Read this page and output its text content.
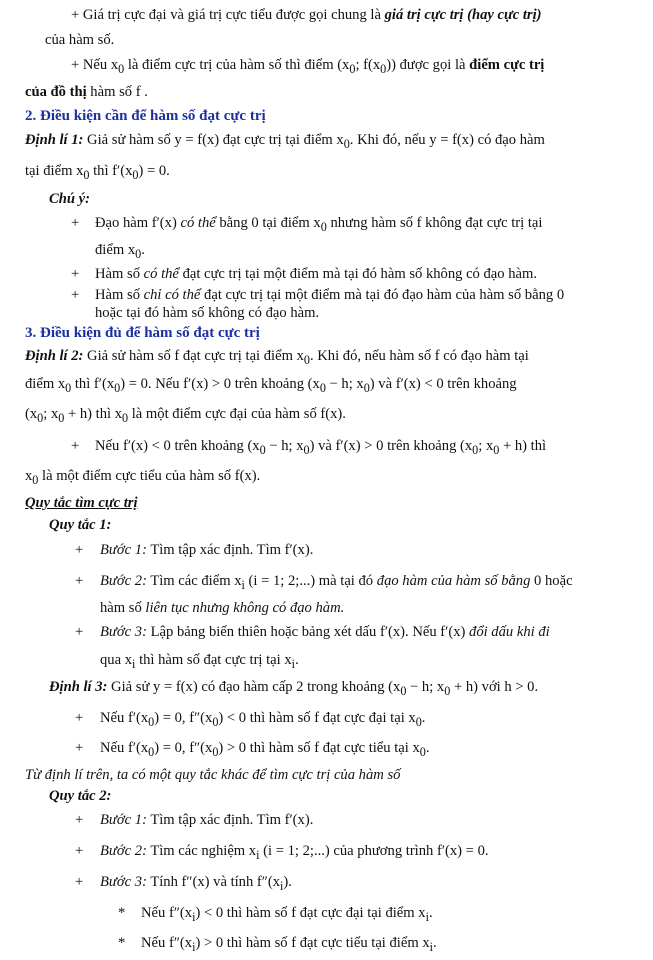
+ Giá trị cực đại và giá trị cực tiểu được gọi chung là giá trị cực trị (hay cực trị)
của hàm số.
+ Nếu $x_0$ là điểm cực trị của hàm số thì điểm ($x_0$; $f(x_0)$) được gọi là điểm cực trị
của đồ thị hàm số f .
2. Điều kiện cần để hàm số đạt cực trị
Định lí 1: Giả sử hàm số y = f(x) đạt cực trị tại điểm $x_0$. Khi đó, nếu y = f(x) có đạo hàm
tại điểm $x_0$ thì $f'(x_0) = 0$.
Chú ý:
+ Đạo hàm f′(x) có thể bằng 0 tại điểm $x_0$ nhưng hàm số f không đạt cực trị tại
điểm $x_0$.
+ Hàm số có thể đạt cực trị tại một điểm mà tại đó hàm số không có đạo hàm.
+ Hàm số chỉ có thể đạt cực trị tại một điểm mà tại đó đạo hàm của hàm số bằng 0
hoặc tại đó hàm số không có đạo hàm.
3. Điều kiện đủ để hàm số đạt cực trị
Định lí 2: Giả sử hàm số f đạt cực trị tại điểm $x_0$. Khi đó, nếu hàm số f có đạo hàm tại
điểm $x_0$ thì $f'(x_0) = 0$. Nếu f′(x) > 0 trên khoảng ($x_0 - h$; $x_0$) và f′(x) < 0 trên khoảng
($x_0$; $x_0 + h$) thì $x_0$ là một điểm cực đại của hàm số f(x).
+ Nếu f′(x) < 0 trên khoảng ($x_0 - h$; $x_0$) và f′(x) > 0 trên khoảng ($x_0$; $x_0 + h$) thì
$x_0$ là một điểm cực tiểu của hàm số f(x).
Quy tắc tìm cực trị
Quy tắc 1:
+ Bước 1: Tìm tập xác định. Tìm f′(x).
+ Bước 2: Tìm các điểm $x_i$ (i = 1; 2;...) mà tại đó đạo hàm của hàm số bằng 0 hoặc
hàm số liên tục nhưng không có đạo hàm.
+ Bước 3: Lập bảng biến thiên hoặc bảng xét dấu f′(x). Nếu f′(x) đổi dấu khi đi
qua $x_i$ thì hàm số đạt cực trị tại $x_i$.
Định lí 3: Giả sử y = f(x) có đạo hàm cấp 2 trong khoảng ($x_0 - h$; $x_0 + h$) với h > 0.
+ Nếu $f'(x_0) = 0$, $f''(x_0) < 0$ thì hàm số f đạt cực đại tại $x_0$.
+ Nếu $f'(x_0) = 0$, $f''(x_0) > 0$ thì hàm số f đạt cực tiểu tại $x_0$.
Từ định lí trên, ta có một quy tắc khác để tìm cực trị của hàm số
Quy tắc 2:
+ Bước 1: Tìm tập xác định. Tìm f′(x).
+ Bước 2: Tìm các nghiệm $x_i$ (i = 1; 2;...) của phương trình f′(x) = 0.
+ Bước 3: Tính f″(x) và tính $f''(x_i)$.
* Nếu $f''(x_i) < 0$ thì hàm số f đạt cực đại tại điểm $x_i$.
* Nếu $f''(x_i) > 0$ thì hàm số f đạt cực tiểu tại điểm $x_i$.
